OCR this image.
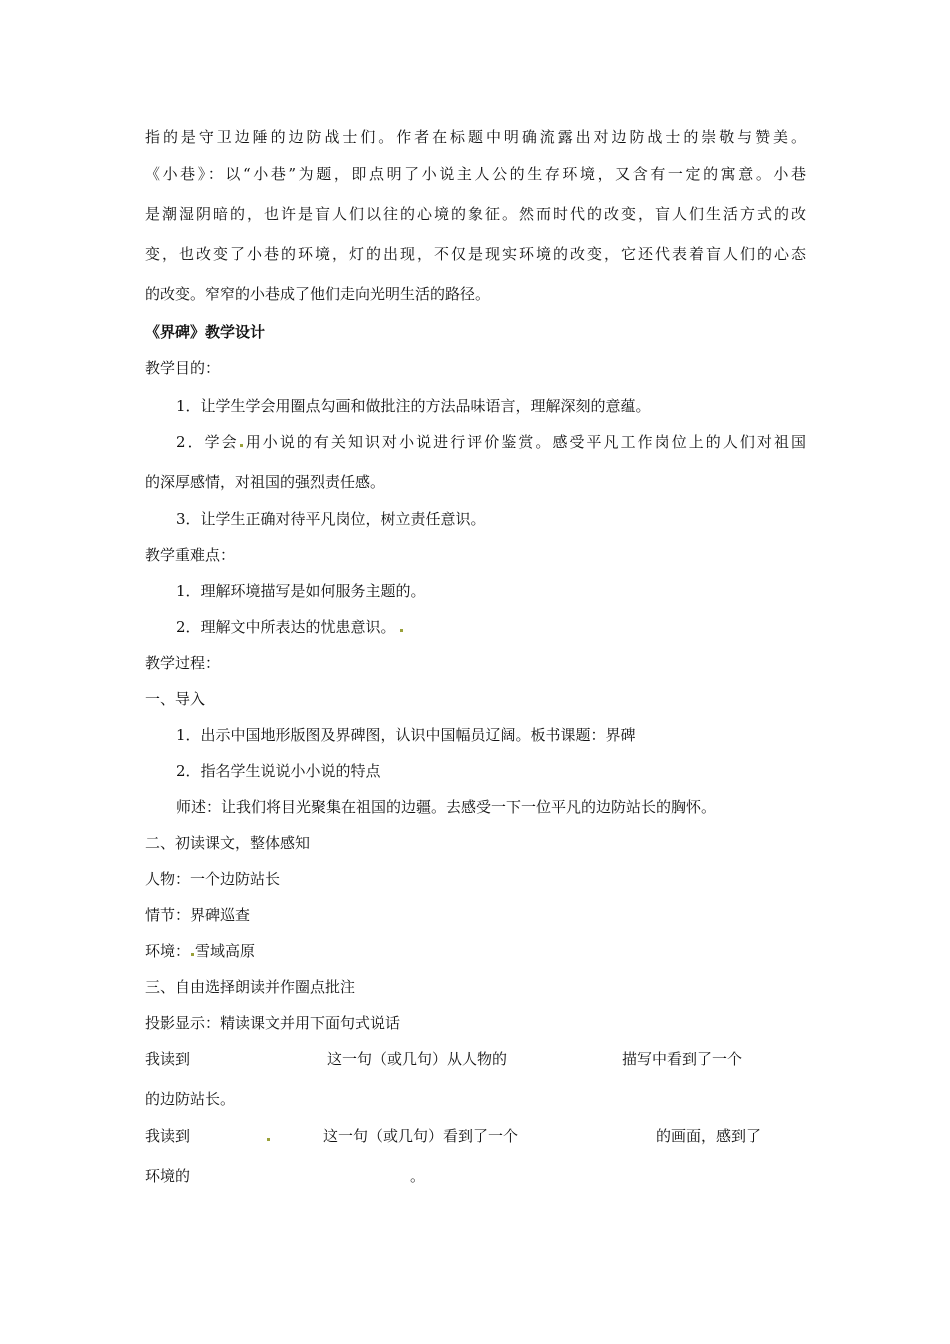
指的是守卫边陲的边防战士们。作者在标题中明确流露出对边防战士的崇敬与赞美。
《小巷》：以“小巷”为题，即点明了小说主人公的生存环境，又含有一定的寓意。小巷
是潮湿阴暗的，也许是盲人们以往的心境的象征。然而时代的改变，盲人们生活方式的改
变，也改变了小巷的环境，灯的出现，不仅是现实环境的改变，它还代表着盲人们的心态
的改变。窄窄的小巷成了他们走向光明生活的路径。
《界碑》教学设计
教学目的：
1．让学生学会用圈点勾画和做批注的方法品味语言，理解深刻的意蕴。
2．学会 用小说的有关知识对小说进行评价鉴赏。感受平凡工作岗位上的人们对祖国
的深厚感情，对祖国的强烈责任感。
3．让学生正确对待平凡岗位，树立责任意识。
教学重难点：
1．理解环境描写是如何服务主题的。
2．理解文中所表达的忧患意识。
教学过程：
一、导入
1．出示中国地形版图及界碑图，认识中国幅员辽阔。板书课题：界碑
2．指名学生说说小小说的特点
师述：让我们将目光聚集在祖国的边疆。去感受一下一位平凡的边防站长的胸怀。
二、初读课文，整体感知
人物：一个边防站长
情节：界碑巡查
环境： 雪域高原
三、自由选择朗读并作圈点批注
投影显示：精读课文并用下面句式说话
我读到	这一句（或几句）从人物的	描写中看到了一个
的边防站长。
我读到	这一句（或几句）看到了一个	的画面，感到了
环境的	。
